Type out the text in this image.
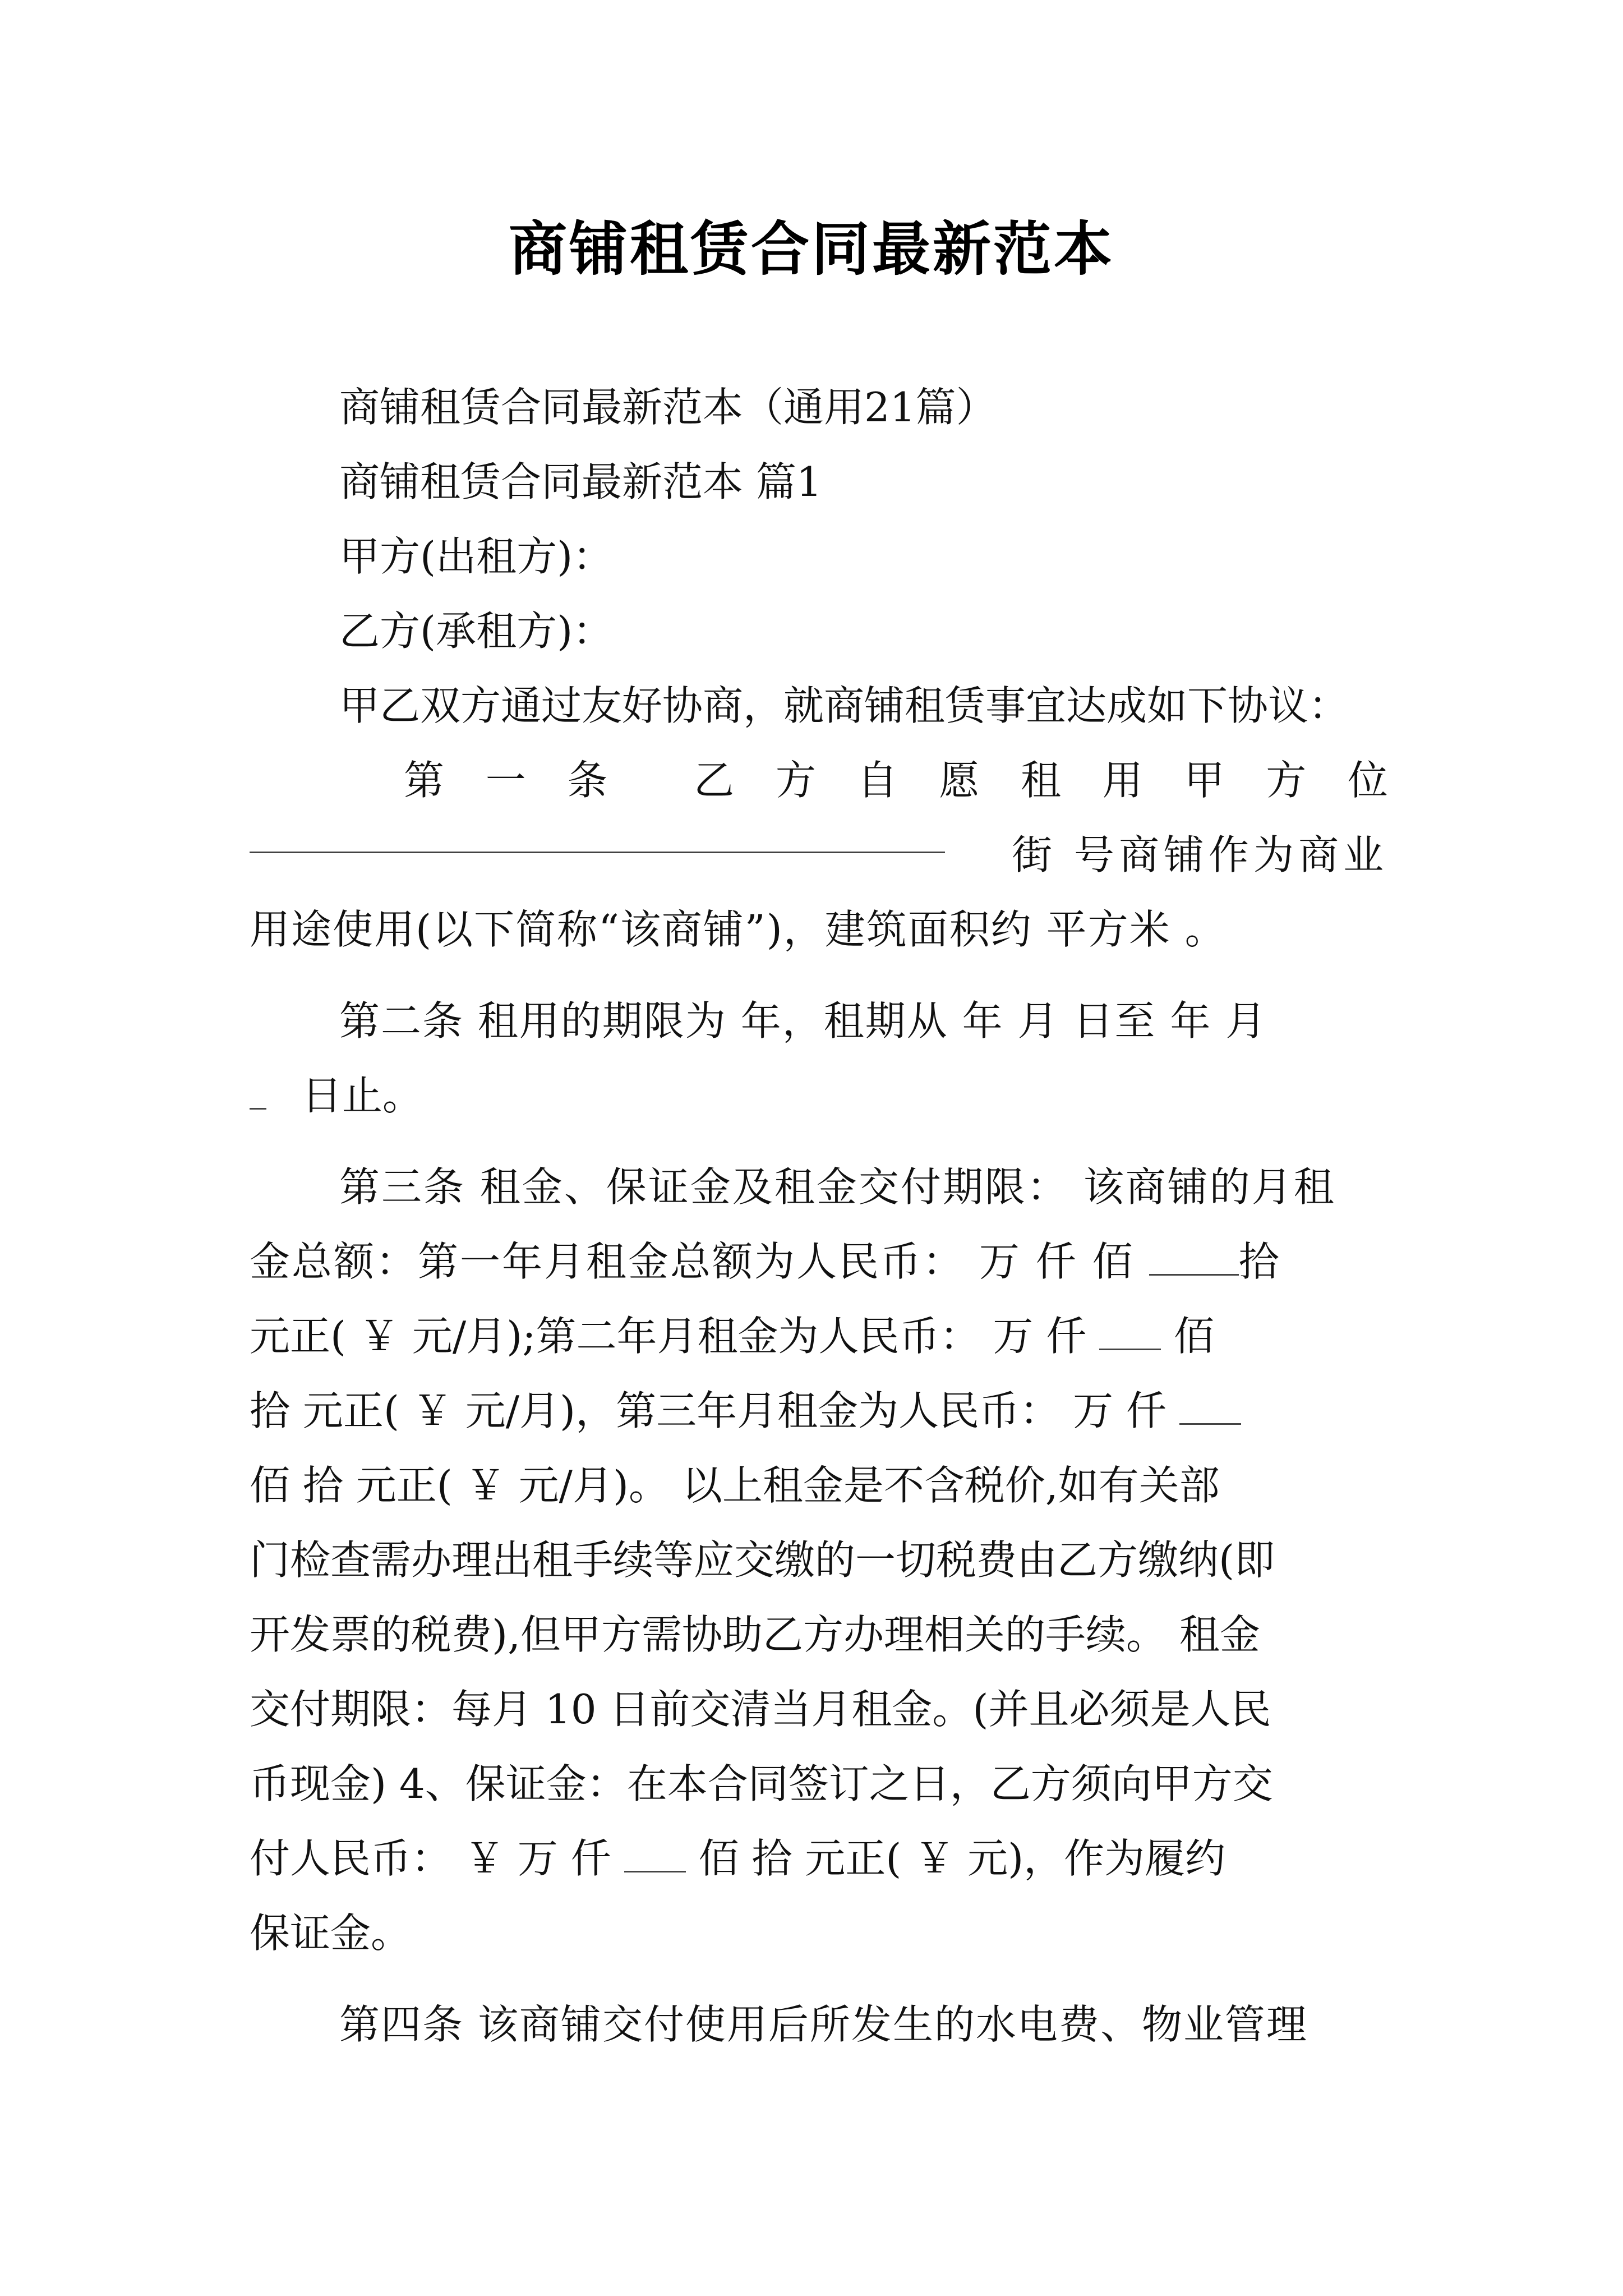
商铺租赁合同最新范本
商铺租赁合同最新范本（通用21篇）
商铺租赁合同最新范本 篇1
甲方(出租方)：
乙方(承租方)：
甲乙双方通过友好协商，就商铺租赁事宜达成如下协议：
第 一 条 乙 方 自 愿 租 用 甲 方 位
街 号商铺作为商业
用途使用(以下简称“该商铺”)，建筑面积约 平方米 。
第二条 租用的期限为 年，租期从 年 月 日至 年 月
日止。
第三条 租金、保证金及租金交付期限： 该商铺的月租
金总额：第一年月租金总额为人民币： 万 仟 佰 拾
元正( ￥ 元/月);第二年月租金为人民币： 万 仟  佰
拾 元正( ￥ 元/月)，第三年月租金为人民币： 万 仟
佰 拾 元正( ￥ 元/月)。 以上租金是不含税价,如有关部
门检查需办理出租手续等应交缴的一切税费由乙方缴纳(即
开发票的税费),但甲方需协助乙方办理相关的手续。 租金
交付期限：每月 10 日前交清当月租金。(并且必须是人民
币现金) 4、保证金：在本合同签订之日，乙方须向甲方交
付人民币： ￥ 万 仟  佰 拾 元正( ￥ 元)，作为履约
保证金。
第四条 该商铺交付使用后所发生的水电费、物业管理
